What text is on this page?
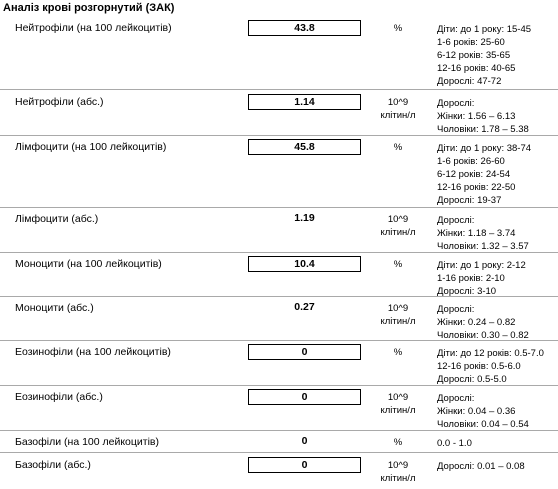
Аналіз крові розгорнутий (ЗАК)
Нейтрофіли (на 100 лейкоцитів)	43.8	%	Діти: до 1 року: 15-45
1-6 років: 25-60
6-12 років: 35-65
12-16 років: 40-65
Дорослі: 47-72
Нейтрофіли (абс.)	1.14	10^9
клітин/л
Дорослі:
Жінки: 1.56 – 6.13
Чоловіки: 1.78 – 5.38
Лімфоцити (на 100 лейкоцитів)	45.8	%	Діти: до 1 року: 38-74
1-6 років: 26-60
6-12 років: 24-54
12-16 років: 22-50
Дорослі: 19-37
Лімфоцити (абс.)	1.19	10^9
клітин/л
Дорослі:
Жінки: 1.18 – 3.74
Чоловіки: 1.32 – 3.57
Моноцити (на 100 лейкоцитів)	10.4	%	Діти: до 1 року: 2-12
1-16 років: 2-10
Дорослі: 3-10
Моноцити (абс.)	0.27	10^9
клітин/л
Дорослі:
Жінки: 0.24 – 0.82
Чоловіки: 0.30 – 0.82
Еозинофіли (на 100 лейкоцитів)	0	%	Діти: до 12 років: 0.5-7.0
12-16 років: 0.5-6.0
Дорослі: 0.5-5.0
Еозинофіли (абс.)	0	10^9
клітин/л
Дорослі:
Жінки: 0.04 – 0.36
Чоловіки: 0.04 – 0.54
Базофіли (на 100 лейкоцитів)	0	%	0.0 - 1.0
Базофіли (абс.)	0	10^9
клітин/л
Дорослі: 0.01 – 0.08
